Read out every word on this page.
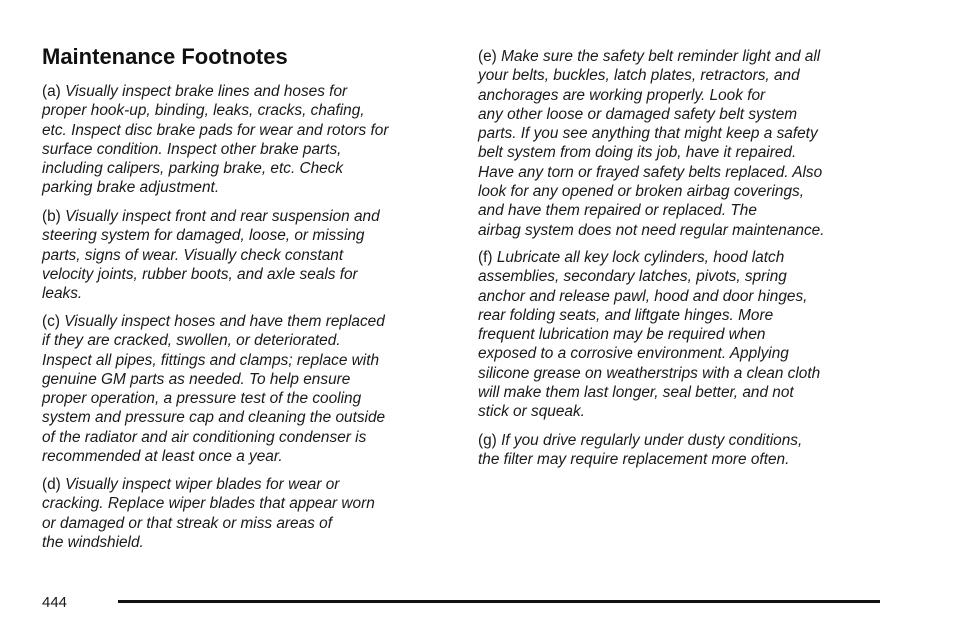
Maintenance Footnotes
(a) Visually inspect brake lines and hoses for
proper hook-up, binding, leaks, cracks, chafing,
etc. Inspect disc brake pads for wear and rotors for
surface condition. Inspect other brake parts,
including calipers, parking brake, etc. Check
parking brake adjustment.
(b) Visually inspect front and rear suspension and
steering system for damaged, loose, or missing
parts, signs of wear. Visually check constant
velocity joints, rubber boots, and axle seals for
leaks.
(c) Visually inspect hoses and have them replaced
if they are cracked, swollen, or deteriorated.
Inspect all pipes, fittings and clamps; replace with
genuine GM parts as needed. To help ensure
proper operation, a pressure test of the cooling
system and pressure cap and cleaning the outside
of the radiator and air conditioning condenser is
recommended at least once a year.
(d) Visually inspect wiper blades for wear or
cracking. Replace wiper blades that appear worn
or damaged or that streak or miss areas of
the windshield.
(e) Make sure the safety belt reminder light and all
your belts, buckles, latch plates, retractors, and
anchorages are working properly. Look for
any other loose or damaged safety belt system
parts. If you see anything that might keep a safety
belt system from doing its job, have it repaired.
Have any torn or frayed safety belts replaced. Also
look for any opened or broken airbag coverings,
and have them repaired or replaced. The
airbag system does not need regular maintenance.
(f) Lubricate all key lock cylinders, hood latch
assemblies, secondary latches, pivots, spring
anchor and release pawl, hood and door hinges,
rear folding seats, and liftgate hinges. More
frequent lubrication may be required when
exposed to a corrosive environment. Applying
silicone grease on weatherstrips with a clean cloth
will make them last longer, seal better, and not
stick or squeak.
(g) If you drive regularly under dusty conditions,
the filter may require replacement more often.
444
